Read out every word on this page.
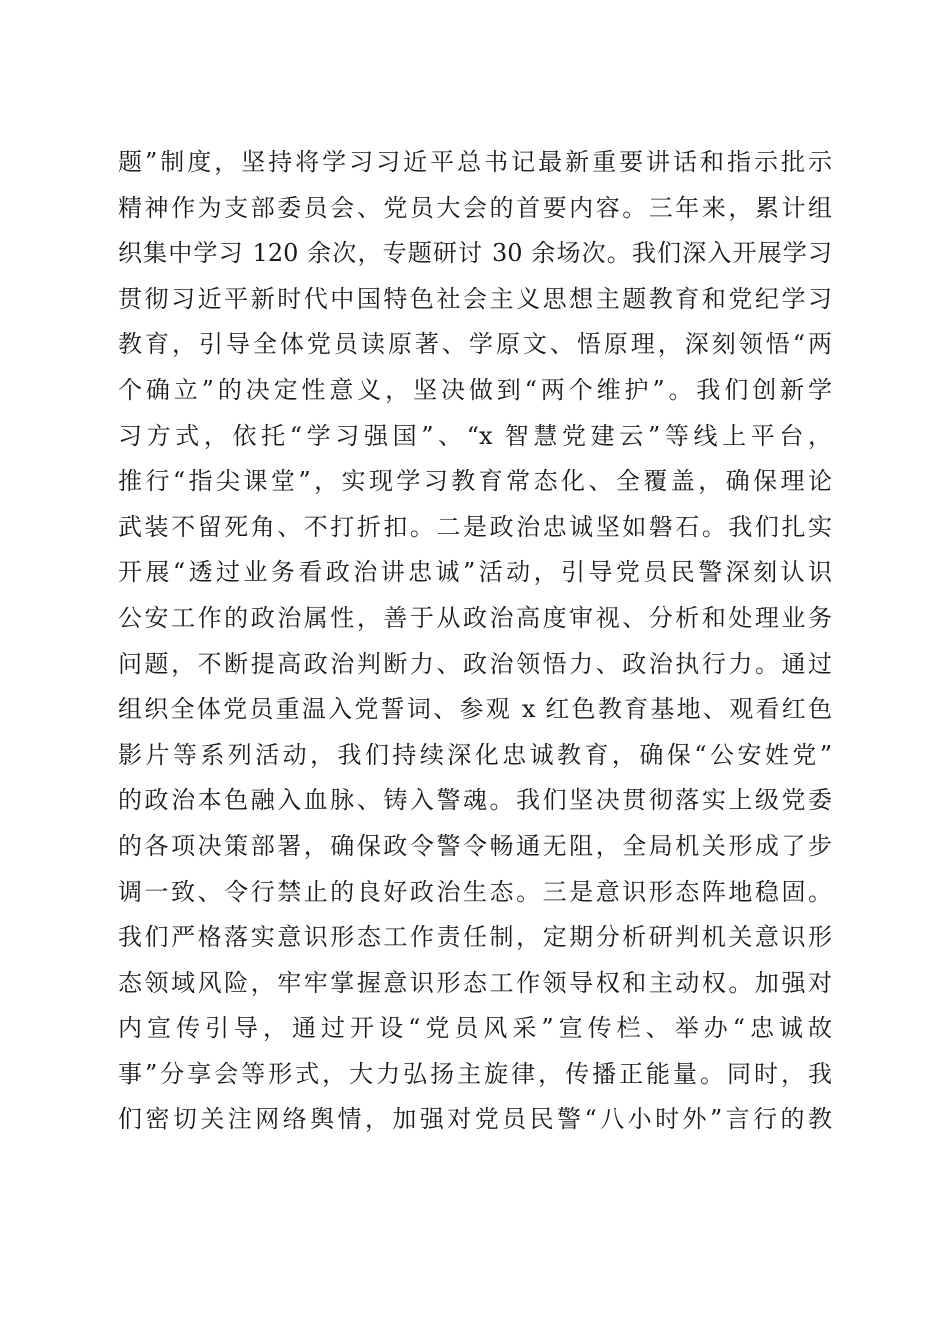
题”制度，坚持将学习习近平总书记最新重要讲话和指示批示
精神作为支部委员会、党员大会的首要内容。三年来，累计组
织集中学习 120 余次，专题研讨 30 余场次。我们深入开展学习
贯彻习近平新时代中国特色社会主义思想主题教育和党纪学习
教育，引导全体党员读原著、学原文、悟原理，深刻领悟“两
个确立”的决定性意义，坚决做到“两个维护”。我们创新学
习方式，依托“学习强国”、“x 智慧党建云”等线上平台，
推行“指尖课堂”，实现学习教育常态化、全覆盖，确保理论
武装不留死角、不打折扣。二是政治忠诚坚如磐石。我们扎实
开展“透过业务看政治讲忠诚”活动，引导党员民警深刻认识
公安工作的政治属性，善于从政治高度审视、分析和处理业务
问题，不断提高政治判断力、政治领悟力、政治执行力。通过
组织全体党员重温入党誓词、参观 x 红色教育基地、观看红色
影片等系列活动，我们持续深化忠诚教育，确保“公安姓党”
的政治本色融入血脉、铸入警魂。我们坚决贯彻落实上级党委
的各项决策部署，确保政令警令畅通无阻，全局机关形成了步
调一致、令行禁止的良好政治生态。三是意识形态阵地稳固。
我们严格落实意识形态工作责任制，定期分析研判机关意识形
态领域风险，牢牢掌握意识形态工作领导权和主动权。加强对
内宣传引导，通过开设“党员风采”宣传栏、举办“忠诚故
事”分享会等形式，大力弘扬主旋律，传播正能量。同时，我
们密切关注网络舆情，加强对党员民警“八小时外”言行的教
